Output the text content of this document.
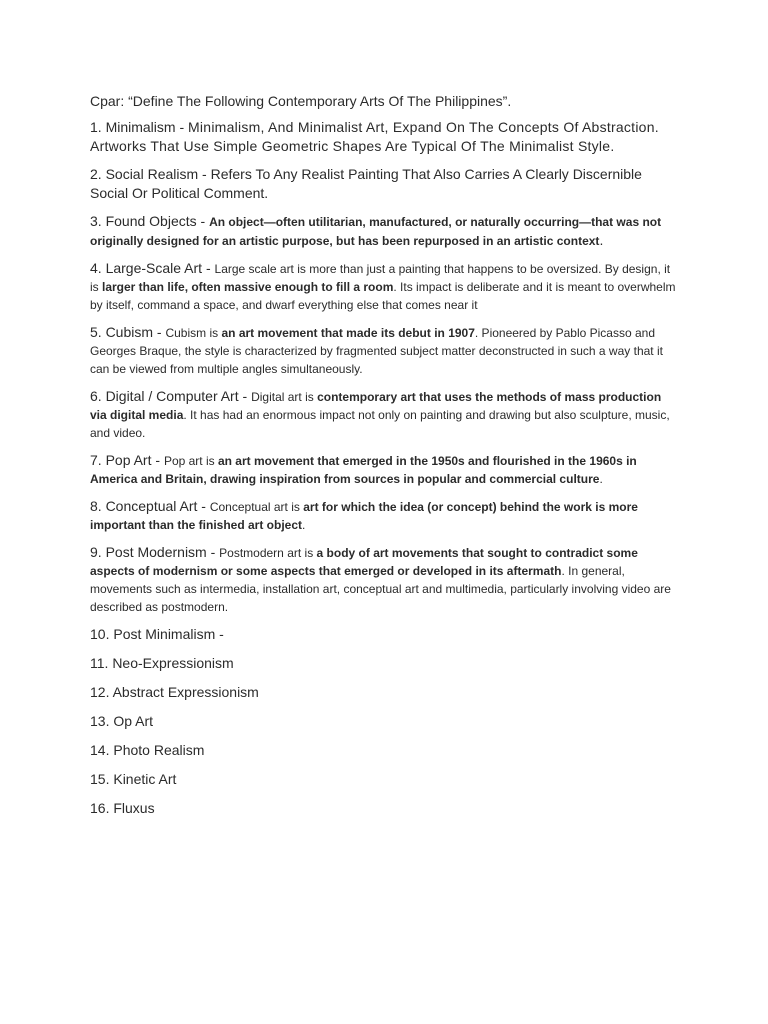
Cpar: “Define The Following Contemporary Arts Of The Philippines”.

1. Minimalism - Minimalism, And Minimalist Art, Expand On The Concepts Of Abstraction. Artworks That Use Simple Geometric Shapes Are Typical Of The Minimalist Style.

2. Social Realism - Refers To Any Realist Painting That Also Carries A Clearly Discernible Social Or Political Comment.

3. Found Objects - An object—often utilitarian, manufactured, or naturally occurring—that was not originally designed for an artistic purpose, but has been repurposed in an artistic context.

4. Large-Scale Art - Large scale art is more than just a painting that happens to be oversized. By design, it is larger than life, often massive enough to fill a room. Its impact is deliberate and it is meant to overwhelm by itself, command a space, and dwarf everything else that comes near it

5. Cubism - Cubism is an art movement that made its debut in 1907. Pioneered by Pablo Picasso and Georges Braque, the style is characterized by fragmented subject matter deconstructed in such a way that it can be viewed from multiple angles simultaneously.

6. Digital / Computer Art - Digital art is contemporary art that uses the methods of mass production via digital media. It has had an enormous impact not only on painting and drawing but also sculpture, music, and video.

7. Pop Art - Pop art is an art movement that emerged in the 1950s and flourished in the 1960s in America and Britain, drawing inspiration from sources in popular and commercial culture.

8. Conceptual Art - Conceptual art is art for which the idea (or concept) behind the work is more important than the finished art object.

9. Post Modernism - Postmodern art is a body of art movements that sought to contradict some aspects of modernism or some aspects that emerged or developed in its aftermath. In general, movements such as intermedia, installation art, conceptual art and multimedia, particularly involving video are described as postmodern.

10. Post Minimalism -

11. Neo-Expressionism

12. Abstract Expressionism

13. Op Art

14. Photo Realism

15. Kinetic Art

16. Fluxus
